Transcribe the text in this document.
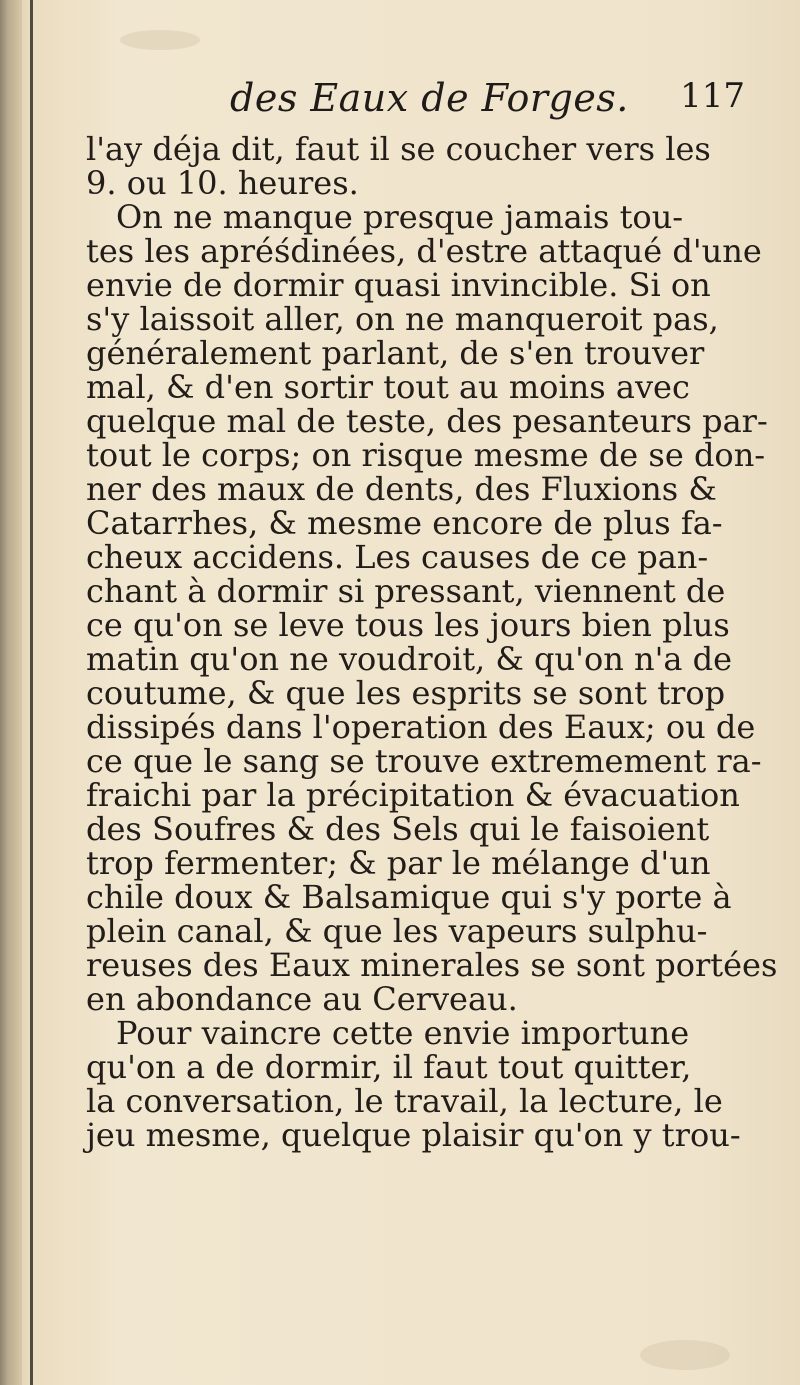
des Eaux de Forges. 117
l'ay déja dit, faut il se coucher vers les
9. ou 10. heures.
On ne manque presque jamais tou-
tes les apréśdinées, d'estre attaqué d'une
envie de dormir quasi invincible. Si on
s'y laissoit aller, on ne manqueroit pas,
généralement parlant, de s'en trouver
mal, & d'en sortir tout au moins avec
quelque mal de teste, des pesanteurs par-
tout le corps; on risque mesme de se don-
ner des maux de dents, des Fluxions &
Catarrhes, & mesme encore de plus fa-
cheux accidens. Les causes de ce pan-
chant à dormir si pressant, viennent de
ce qu'on se leve tous les jours bien plus
matin qu'on ne voudroit, & qu'on n'a de
coutume, & que les esprits se sont trop
dissipés dans l'operation des Eaux; ou de
ce que le sang se trouve extremement ra-
fraichi par la précipitation & évacuation
des Soufres & des Sels qui le faisoient
trop fermenter; & par le mélange d'un
chile doux & Balsamique qui s'y porte à
plein canal, & que les vapeurs sulphu-
reuses des Eaux minerales se sont portées
en abondance au Cerveau.
Pour vaincre cette envie importune
qu'on a de dormir, il faut tout quitter,
la conversation, le travail, la lecture, le
jeu mesme, quelque plaisir qu'on y trou-
